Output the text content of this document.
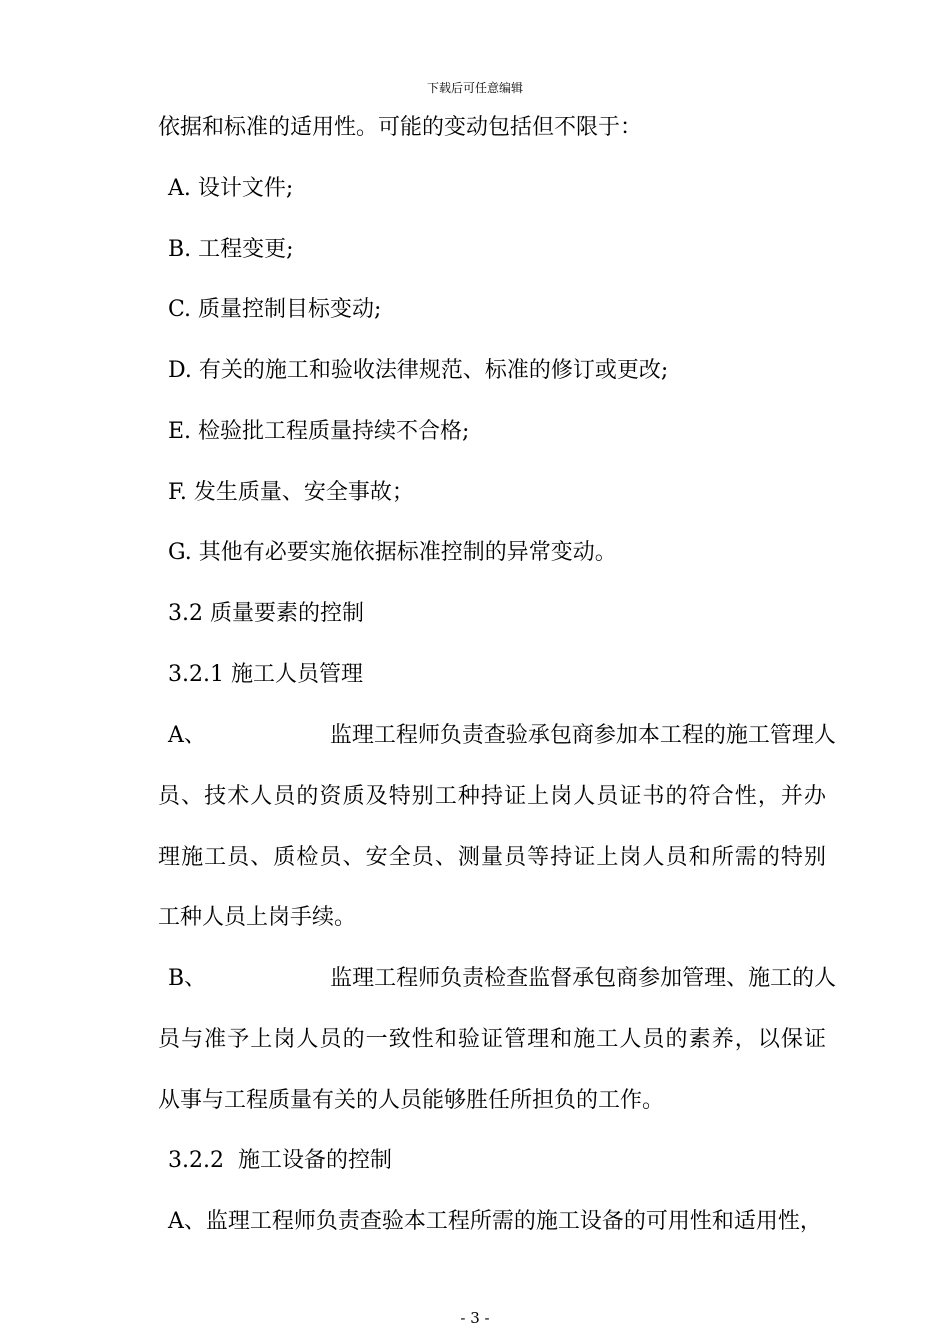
下载后可任意编辑
依据和标准的适用性。可能的变动包括但不限于：
A. 设计文件;
B. 工程变更;
C. 质量控制目标变动;
D. 有关的施工和验收法律规范、标准的修订或更改;
E. 检验批工程质量持续不合格;
F. 发生质量、安全事故；
G. 其他有必要实施依据标准控制的异常变动。
3.2 质量要素的控制
3.2.1 施工人员管理
A、	监理工程师负责查验承包商参加本工程的施工管理人
员、技术人员的资质及特别工种持证上岗人员证书的符合性，并办
理施工员、质检员、安全员、测量员等持证上岗人员和所需的特别
工种人员上岗手续。
B、	监理工程师负责检查监督承包商参加管理、施工的人
员与准予上岗人员的一致性和验证管理和施工人员的素养，以保证
从事与工程质量有关的人员能够胜任所担负的工作。
3.2.2  施工设备的控制
A、监理工程师负责查验本工程所需的施工设备的可用性和适用性，
- 3 -
